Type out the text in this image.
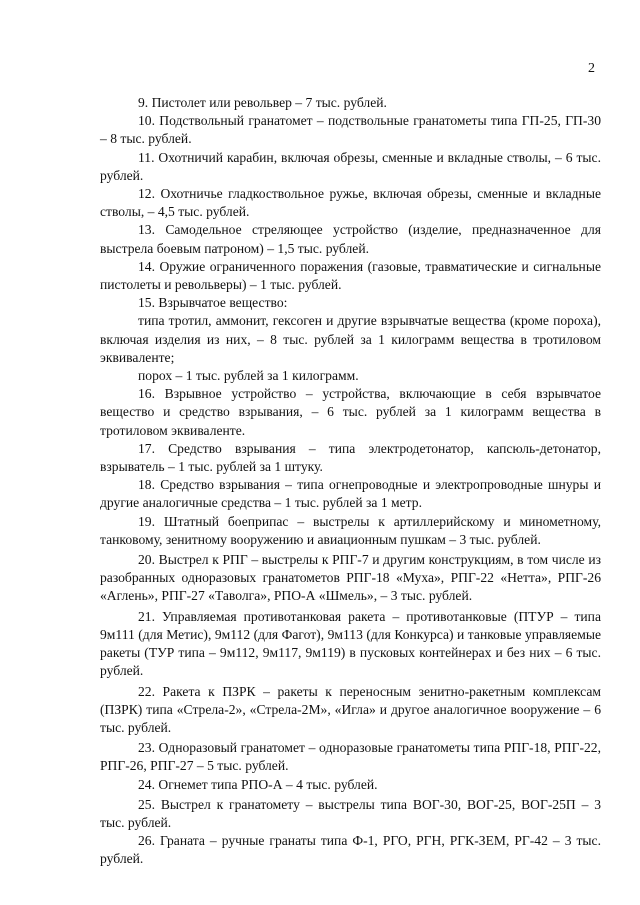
2

9. Пистолет или револьвер – 7 тыс. рублей.

10. Подствольный гранатомет – подствольные гранатометы типа ГП-25, ГП-30 – 8 тыс. рублей.

11. Охотничий карабин, включая обрезы, сменные и вкладные стволы, – 6 тыс. рублей.

12. Охотничье гладкоствольное ружье, включая обрезы, сменные и вкладные стволы, – 4,5 тыс. рублей.

13. Самодельное стреляющее устройство (изделие, предназначенное для выстрела боевым патроном) – 1,5 тыс. рублей.

14. Оружие ограниченного поражения (газовые, травматические и сигнальные пистолеты и револьверы) – 1 тыс. рублей.

15. Взрывчатое вещество:

типа тротил, аммонит, гексоген и другие взрывчатые вещества (кроме пороха), включая изделия из них, – 8 тыс. рублей за 1 килограмм вещества в тротиловом эквиваленте;

порох – 1 тыс. рублей за 1 килограмм.

16. Взрывное устройство – устройства, включающие в себя взрывчатое вещество и средство взрывания, – 6 тыс. рублей за 1 килограмм вещества в тротиловом эквиваленте.

17. Средство взрывания – типа электродетонатор, капсюль-детонатор, взрыватель – 1 тыс. рублей за 1 штуку.

18. Средство взрывания – типа огнепроводные и электропроводные шнуры и другие аналогичные средства – 1 тыс. рублей за 1 метр.

19. Штатный боеприпас – выстрелы к артиллерийскому и минометному, танковому, зенитному вооружению и авиационным пушкам – 3 тыс. рублей.

20. Выстрел к РПГ – выстрелы к РПГ-7 и другим конструкциям, в том числе из разобранных одноразовых гранатометов РПГ-18 «Муха», РПГ-22 «Нетта», РПГ-26 «Аглень», РПГ-27 «Таволга», РПО-А «Шмель», – 3 тыс. рублей.

21. Управляемая противотанковая ракета – противотанковые (ПТУР – типа 9м111 (для Метис), 9м112 (для Фагот), 9м113 (для Конкурса) и танковые управляемые ракеты (ТУР типа – 9м112, 9м117, 9м119) в пусковых контейнерах и без них – 6 тыс. рублей.

22. Ракета к ПЗРК – ракеты к переносным зенитно-ракетным комплексам (ПЗРК) типа «Стрела-2», «Стрела-2М», «Игла» и другое аналогичное вооружение – 6 тыс. рублей.

23. Одноразовый гранатомет – одноразовые гранатометы типа РПГ-18, РПГ-22, РПГ-26, РПГ-27 – 5 тыс. рублей.

24. Огнемет типа РПО-А – 4 тыс. рублей.

25. Выстрел к гранатомету – выстрелы типа ВОГ-30, ВОГ-25, ВОГ-25П – 3 тыс. рублей.

26. Граната – ручные гранаты типа Ф-1, РГО, РГН, РГК-ЗЕМ, РГ-42 – 3 тыс. рублей.
